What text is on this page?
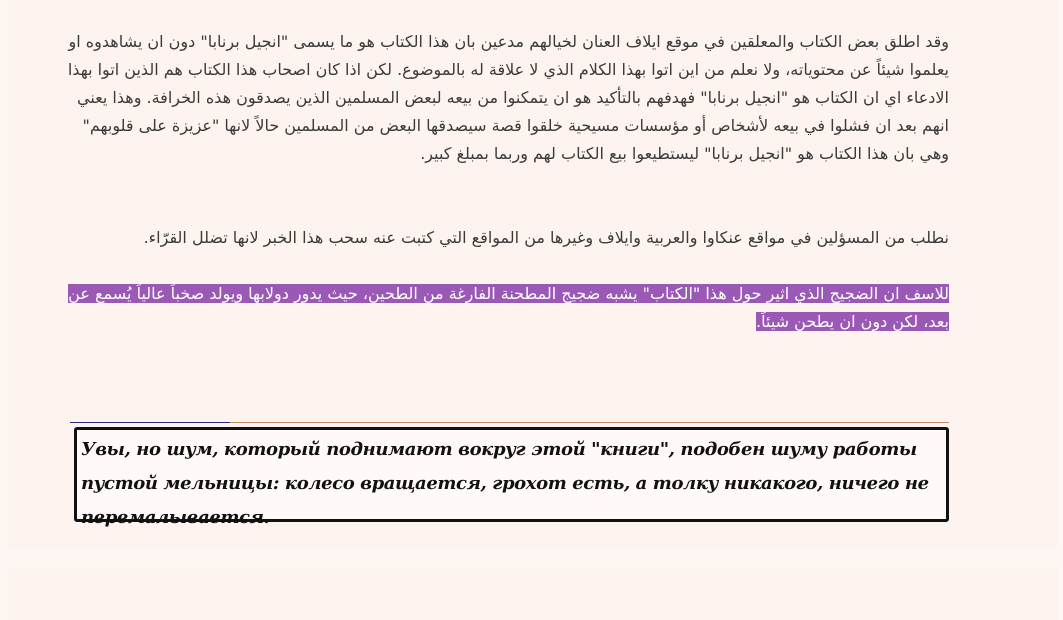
وقد اطلق بعض الكتاب والمعلقين في موقع ايلاف العنان لخيالهم مدعين بان هذا الكتاب هو ما يسمى "انجيل برنابا" دون ان يشاهدوه او يعلموا شيئاً عن محتوياته، ولا نعلم من اين اتوا بهذا الكلام الذي لا علاقة له بالموضوع. لكن اذا كان اصحاب هذا الكتاب هم الذين اتوا بهذا الادعاء اي ان الكتاب هو "انجيل برنابا" فهدفهم بالتأكيد هو ان يتمكنوا من بيعه لبعض المسلمين الذين يصدقون هذه الخرافة. وهذا يعني انهم بعد ان فشلوا في بيعه لأشخاص أو مؤسسات مسيحية خلقوا قصة سيصدقها البعض من المسلمين حالاً لانها "عزيزة على قلوبهم" وهي بان هذا الكتاب هو "انجيل برنابا" ليستطيعوا بيع الكتاب لهم وربما بمبلغ كبير.

نطلب من المسؤلين في مواقع عنكاوا والعربية وايلاف وغيرها من المواقع التي كتبت عنه سحب هذا الخبر لانها تضلل القرّاء.

للاسف ان الضجيج الذي اثير حول هذا "الكتاب" يشبه ضجيج المطحنة الفارغة من الطحين، حيث يدور دولابها ويولد صخباً عالياً يُسمع عن بعد، لكن دون ان يطحن شيئاً.

Увы, но шум, который поднимают вокруг этой "книги", подобен шуму работы пустой мельницы: колесо вращается, грохот есть, а толку никакого, ничего не перемалывается.
